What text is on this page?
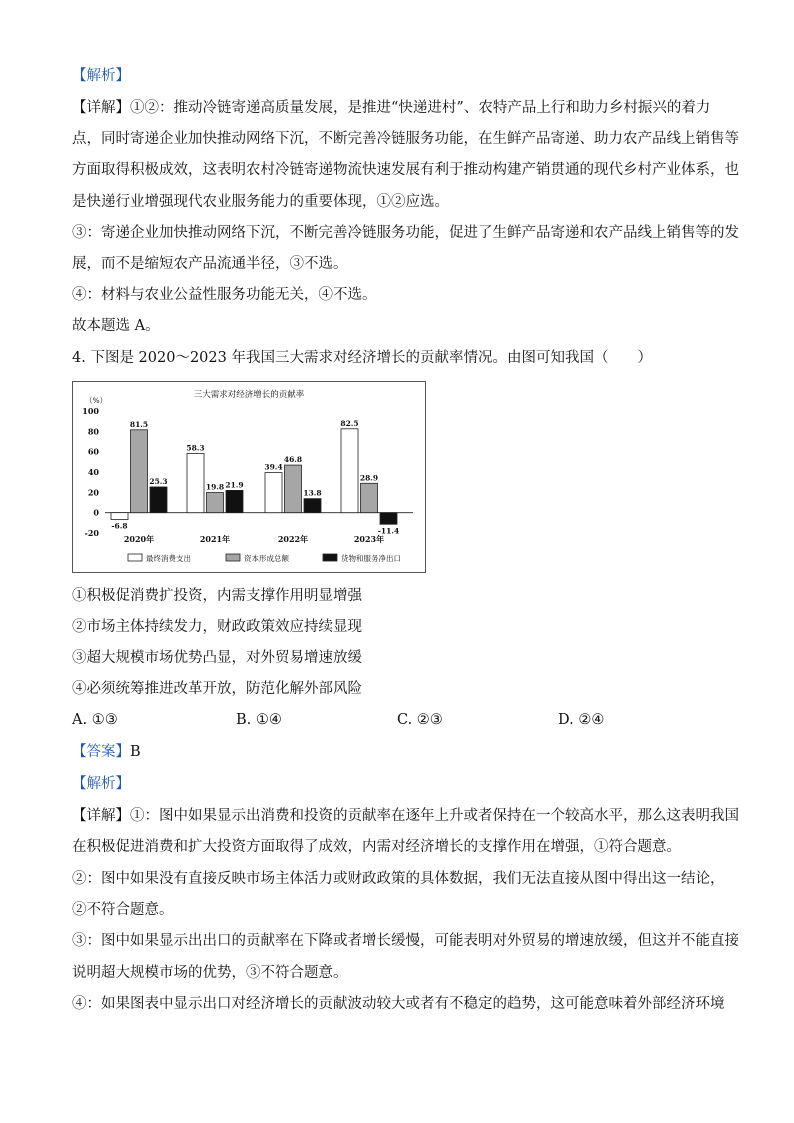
【解析】
【详解】①②：推动冷链寄递高质量发展，是推进“快递进村”、农特产品上行和助力乡村振兴的着力
点，同时寄递企业加快推动网络下沉，不断完善冷链服务功能，在生鲜产品寄递、助力农产品线上销售等
方面取得积极成效，这表明农村冷链寄递物流快速发展有利于推动构建产销贯通的现代乡村产业体系，也
是快递行业增强现代农业服务能力的重要体现，①②应选。
③：寄递企业加快推动网络下沉，不断完善冷链服务功能，促进了生鲜产品寄递和农产品线上销售等的发
展，而不是缩短农产品流通半径，③不选。
④：材料与农业公益性服务功能无关，④不选。
故本题选 A。
4. 下图是 2020～2023 年我国三大需求对经济增长的贡献率情况。由图可知我国（　　）
三大需求对经济增长的贡献率
（%）
-20
0
20
40
60
80
100
-6.8
81.5
25.3
2020年
58.3
19.8 21.9
2021年
39.4
46.8
13.8
2022年
82.5
28.9
-11.4
2023年
最终消费支出	资本形成总额	货物和服务净出口
①积极促消费扩投资，内需支撑作用明显增强
②市场主体持续发力，财政政策效应持续显现
③超大规模市场优势凸显，对外贸易增速放缓
④必须统筹推进改革开放，防范化解外部风险
A. ①③	B. ①④	C. ②③	D. ②④
【答案】B
【解析】
【详解】①：图中如果显示出消费和投资的贡献率在逐年上升或者保持在一个较高水平，那么这表明我国
在积极促进消费和扩大投资方面取得了成效，内需对经济增长的支撑作用在增强，①符合题意。
②：图中如果没有直接反映市场主体活力或财政政策的具体数据，我们无法直接从图中得出这一结论，
②不符合题意。
③：图中如果显示出出口的贡献率在下降或者增长缓慢，可能表明对外贸易的增速放缓，但这并不能直接
说明超大规模市场的优势，③不符合题意。
④：如果图表中显示出口对经济增长的贡献波动较大或者有不稳定的趋势，这可能意味着外部经济环境
